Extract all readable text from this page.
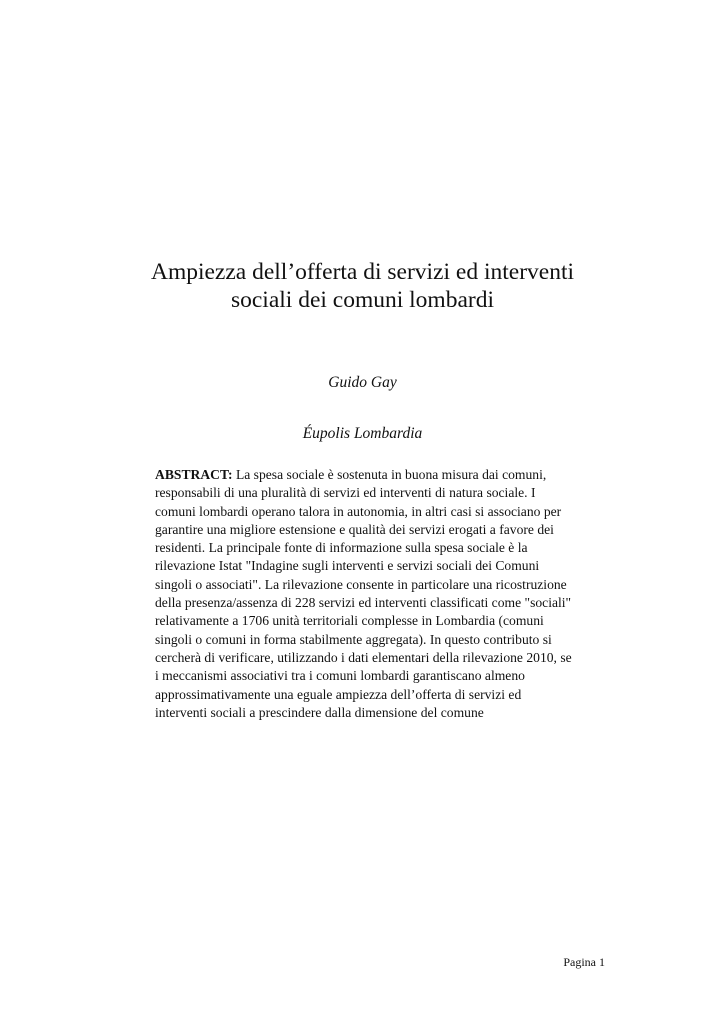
Ampiezza dell’offerta di servizi ed interventi
sociali dei comuni lombardi

Guido Gay

Éupolis Lombardia

ABSTRACT: La spesa sociale è sostenuta in buona misura dai comuni,
responsabili di una pluralità di servizi ed interventi di natura sociale. I
comuni lombardi operano talora in autonomia, in altri casi si associano per
garantire una migliore estensione e qualità dei servizi erogati a favore dei
residenti. La principale fonte di informazione sulla spesa sociale è la
rilevazione Istat "Indagine sugli interventi e servizi sociali dei Comuni
singoli o associati". La rilevazione consente in particolare una ricostruzione
della presenza/assenza di 228 servizi ed interventi classificati come "sociali"
relativamente a 1706 unità territoriali complesse in Lombardia (comuni
singoli o comuni in forma stabilmente aggregata). In questo contributo si
cercherà di verificare, utilizzando i dati elementari della rilevazione 2010, se
i meccanismi associativi tra i comuni lombardi garantiscano almeno
approssimativamente una eguale ampiezza dell’offerta di servizi ed
interventi sociali a prescindere dalla dimensione del comune

Pagina 1
